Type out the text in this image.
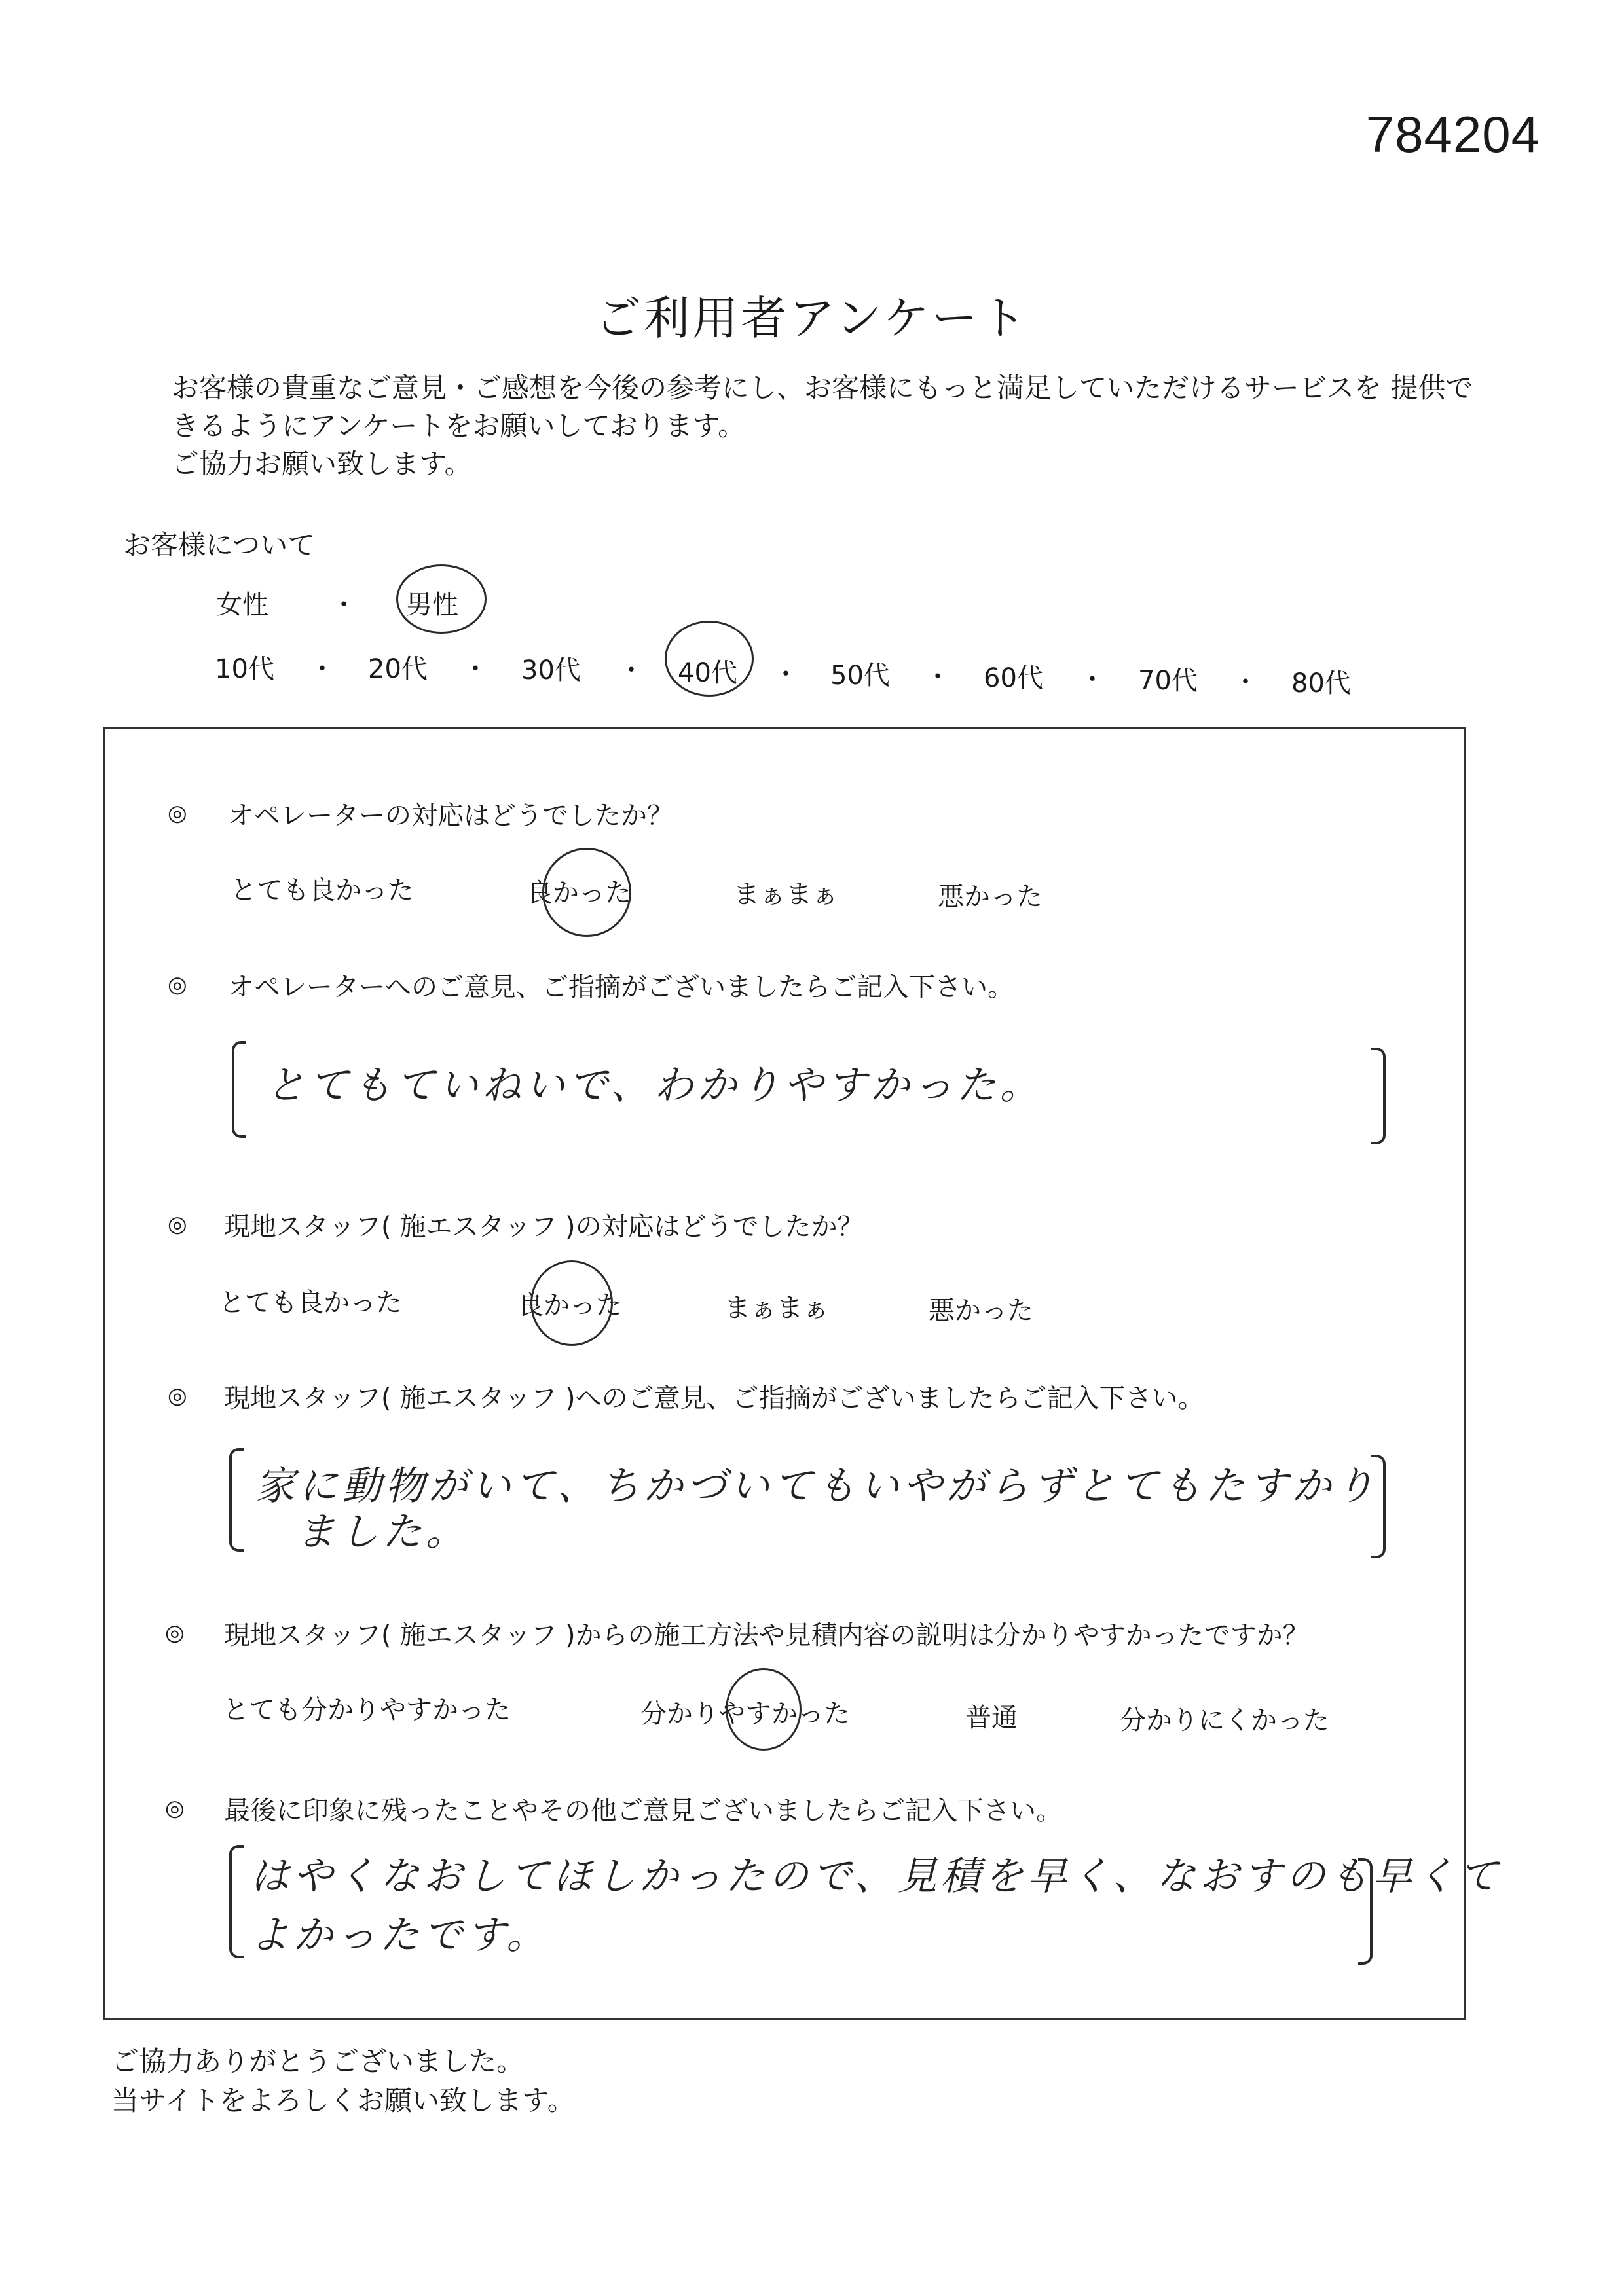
784204
ご利用者アンケート
お客様の貴重なご意見・ご感想を今後の参考にし、お客様にもっと満足していただけるサービスを 提供で
きるようにアンケートをお願いしております。
ご協力お願い致します。
お客様について
女性 ・ 男性
10代 ・ 20代 ・ 30代 ・ 40代 ・ 50代 ・ 60代 ・ 70代 ・ 80代
◎ オペレーターの対応はどうでしたか？
とても良かった	良かった	まぁまぁ	悪かった
◎ オペレーターへのご意見、ご指摘がございましたらご記入下さい。
とてもていねいで、わかりやすかった。
◎ 現地スタッフ( 施エスタッフ )の対応はどうでしたか？
とても良かった	良かった	まぁまぁ	悪かった
◎ 現地スタッフ( 施エスタッフ )へのご意見、ご指摘がございましたらご記入下さい。
家に動物がいて、ちかづいてもいやがらずとてもたすかり
ました。
◎ 現地スタッフ( 施エスタッフ )からの施工方法や見積内容の説明は分かりやすかったですか？
とても分かりやすかった	分かりやすかった	普通	分かりにくかった
◎ 最後に印象に残ったことやその他ご意見ございましたらご記入下さい。
はやくなおしてほしかったので、見積を早く、なおすのも早くて
よかったです。
ご協力ありがとうございました。
当サイトをよろしくお願い致します。
